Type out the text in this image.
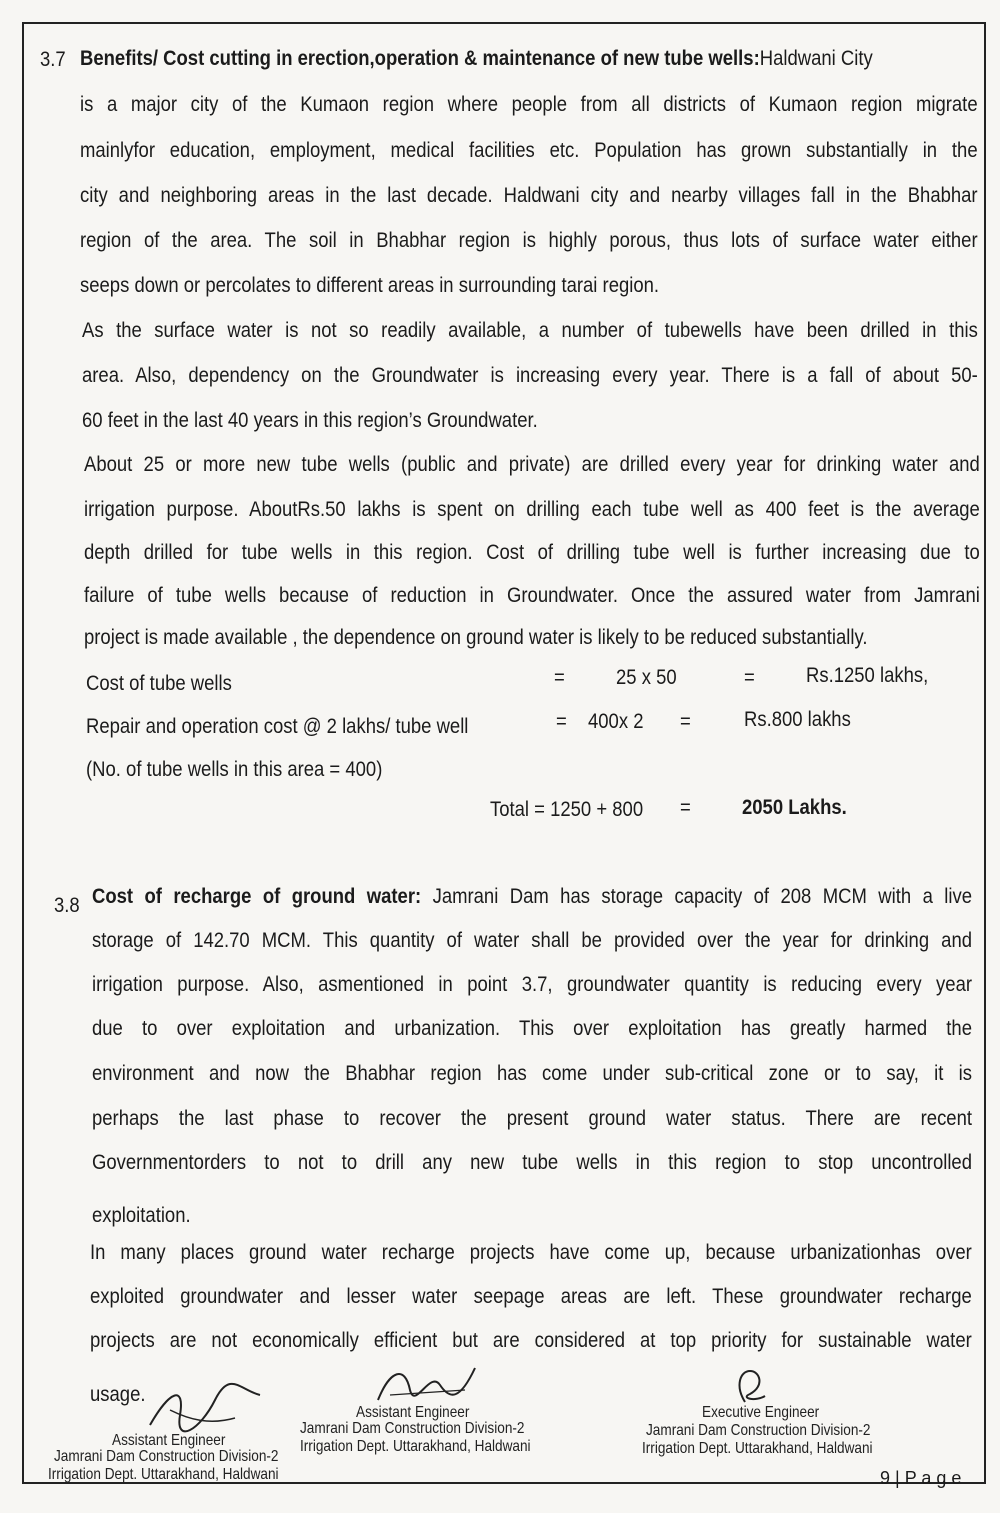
3.7 Benefits/ Cost cutting in erection,operation & maintenance of new tube wells:Haldwani City
is a major city of the Kumaon region where people from all districts of Kumaon region migrate
mainlyfor education, employment, medical facilities etc. Population has grown substantially in the
city and neighboring areas in the last decade. Haldwani city and nearby villages fall in the Bhabhar
region of the area. The soil in Bhabhar region is highly porous, thus lots of surface water either
seeps down or percolates to different areas in surrounding tarai region.
As the surface water is not so readily available, a number of tubewells have been drilled in this
area. Also, dependency on the Groundwater is increasing every year. There is a fall of about 50-
60 feet in the last 40 years in this region’s Groundwater.
About 25 or more new tube wells (public and private) are drilled every year for drinking water and
irrigation purpose. AboutRs.50 lakhs is spent on drilling each tube well as 400 feet is the average
depth drilled for tube wells in this region. Cost of drilling tube well is further increasing due to
failure of tube wells because of reduction in Groundwater. Once the assured water from Jamrani
project is made available , the dependence on ground water is likely to be reduced substantially.
Cost of tube wells	= 25 x 50	= Rs.1250 lakhs,
Repair and operation cost @ 2 lakhs/ tube well	= 400x 2 =	Rs.800 lakhs
(No. of tube wells in this area = 400)
Total = 1250 + 800 = 2050 Lakhs.
3.8 Cost of recharge of ground water: Jamrani Dam has storage capacity of 208 MCM with a live
storage of 142.70 MCM. This quantity of water shall be provided over the year for drinking and
irrigation purpose. Also, asmentioned in point 3.7, groundwater quantity is reducing every year
due to over exploitation and urbanization. This over exploitation has greatly harmed the
environment and now the Bhabhar region has come under sub-critical zone or to say, it is
perhaps the last phase to recover the present ground water status. There are recent
Governmentorders to not to drill any new tube wells in this region to stop uncontrolled
exploitation.
In many places ground water recharge projects have come up, because urbanizationhas over
exploited groundwater and lesser water seepage areas are left. These groundwater recharge
projects are not economically efficient but are considered at top priority for sustainable water
usage.
Assistant Engineer
Jamrani Dam Construction Division-2
Irrigation Dept. Uttarakhand, Haldwani
Assistant Engineer
Jamrani Dam Construction Division-2
Irrigation Dept. Uttarakhand, Haldwani
Executive Engineer
Jamrani Dam Construction Division-2
Irrigation Dept. Uttarakhand, Haldwani
9 | P a g e
